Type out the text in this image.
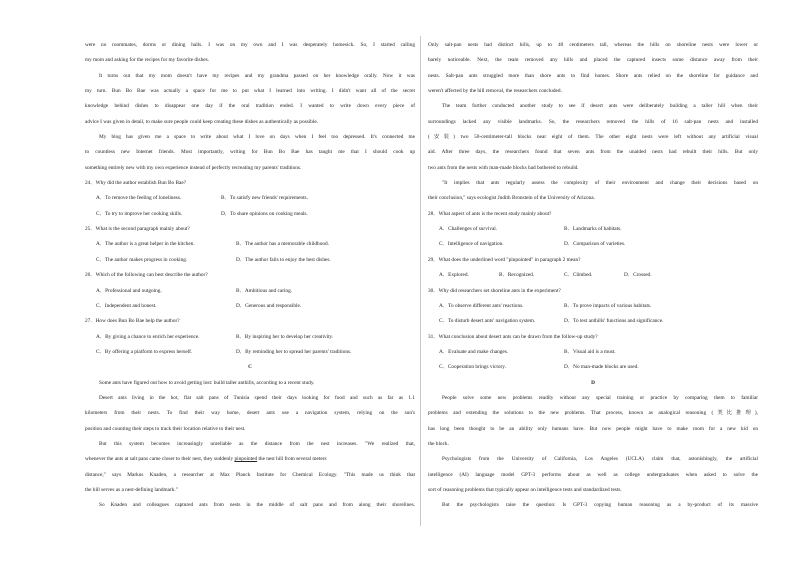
were no roommates, dorms or dining halls. I was on my own and I was desperately homesick. So, I started calling
my mom and asking for the recipes for my favorite dishes.
It turns out that my mom doesn't have my recipes and my grandma passed on her knowledge orally. Now it was
my turn. Bun Bo Bae was actually a space for me to put what I learned into writing. I didn't want all of the secret
knowledge behind dishes to disappear one day if the oral tradition ended. I wanted to write down every piece of
advice I was given in detail, to make sure people could keep creating these dishes as authentically as possible.
My blog has given me a space to write about what I love on days when I feel too depressed. It's connected me
to countless new Internet friends. Most importantly, writing for Bun Bo Bae has taught me that I should cook up
something entirely new with my own experience instead of perfectly recreating my parents' traditions.
24．Why did the author establish Bun Bo Bae?
A．To remove the feeling of loneliness.	B．To satisfy new friends' requirements.
C．To try to improve her cooking skills.	D．To share opinions on cooking meals.
25．What is the second paragraph mainly about?
A．The author is a great helper in the kitchen.	B．The author has a memorable childhood.
C．The author makes progress in cooking.	D．The author fails to enjoy the best dishes.
26．Which of the following can best describe the author?
A．Professional and outgoing.	B．Ambitious and caring.
C．Independent and honest.	D．Generous and responsible.
27．How does Bun Bo Bae help the author?
A．By giving a chance to enrich her experience.	B．By inspiring her to develop her creativity.
C．By offering a platform to express herself.	D．By reminding her to spread her parents' traditions.
C
Some ants have figured out how to avoid getting lost: build taller anthills, according to a recent study.
Desert ants living in the hot, flat salt pans of Tunisia spend their days looking for food and such as far as 1.1
kilometers from their nests. To find their way home, desert ants use a navigation system, relying on the sun's
position and counting their steps to track their location relative to their nest.
But this system becomes increasingly unreliable as the distance from the nest increases. "We realized that,
whenever the ants at salt pans came closer to their nest, they suddenly pinpointed the nest hill from several meters
distance," says Markus Knaden, a researcher at Max Planck Institute for Chemical Ecology. "This made us think that
the hill serves as a nest-defining landmark."
So Knaden and colleagues captured ants from nests in the middle of salt pans and from along their shorelines.
Only salt-pan nests had distinct hills, up to 40 centimeters tall, whereas the hills on shoreline nests were lower or
barely noticeable. Next, the team removed any hills and placed the captured insects some distance away from their
nests. Salt-pan ants struggled more than shore ants to find homes. Shore ants relied on the shoreline for guidance and
weren't affected by the hill removal, the researchers concluded.
The team further conducted another study to see if desert ants were deliberately building a taller hill when their
surroundings lacked any visible landmarks. So, the researchers removed the hills of 16 salt-pan nests and installed
(安装) two 50-centimeter-tall blocks near eight of them. The other eight nests were left without any artificial visual
aid. After three days, the researchers found that seven ants from the unaided nests had rebuilt their hills. But only
two ants from the nests with man-made blocks had bothered to rebuild.
"It implies that ants regularly assess the complexity of their environment and change their decisions based on
their conclusion," says ecologist Judith Bronstein of the University of Arizona.
28．What aspect of ants is the recent study mainly about?
A．Challenges of survival.	B．Landmarks of habitats.
C．Intelligence of navigation.	D．Comparison of varieties.
29．What does the underlined word "pinpointed" in paragraph 2 mean?
A．Explored.	B．Recognized.	C．Climbed.	D．Crossed.
30．Why did researchers set shoreline ants in the experiment?
A．To observe different ants' reactions.	B．To prove impacts of various habitats.
C．To disturb desert ants' navigation system.	D．To test anthills' functions and significance.
31．What conclusion about desert ants can be drawn from the follow-up study?
A．Evaluate and make changes.	B．Visual aid is a must.
C．Cooperation brings victory.	D．No man-made blocks are used.
D
People solve some new problems readily without any special training or practice by comparing them to familiar
problems and extending the solutions to the new problems. That process, known as analogical reasoning (类比推理),
has long been thought to be an ability only humans have. But now people might have to make room for a new kid on
the block.
Psychologists from the University of California, Los Angeles (UCLA) claim that, astonishingly, the artificial
intelligence (AI) language model GPT-3 performs about as well as college undergraduates when asked to solve the
sort of reasoning problems that typically appear on intelligence tests and standardized tests.
But the psychologists raise the question: Is GPT-3 copying human reasoning as a by-product of its massive
